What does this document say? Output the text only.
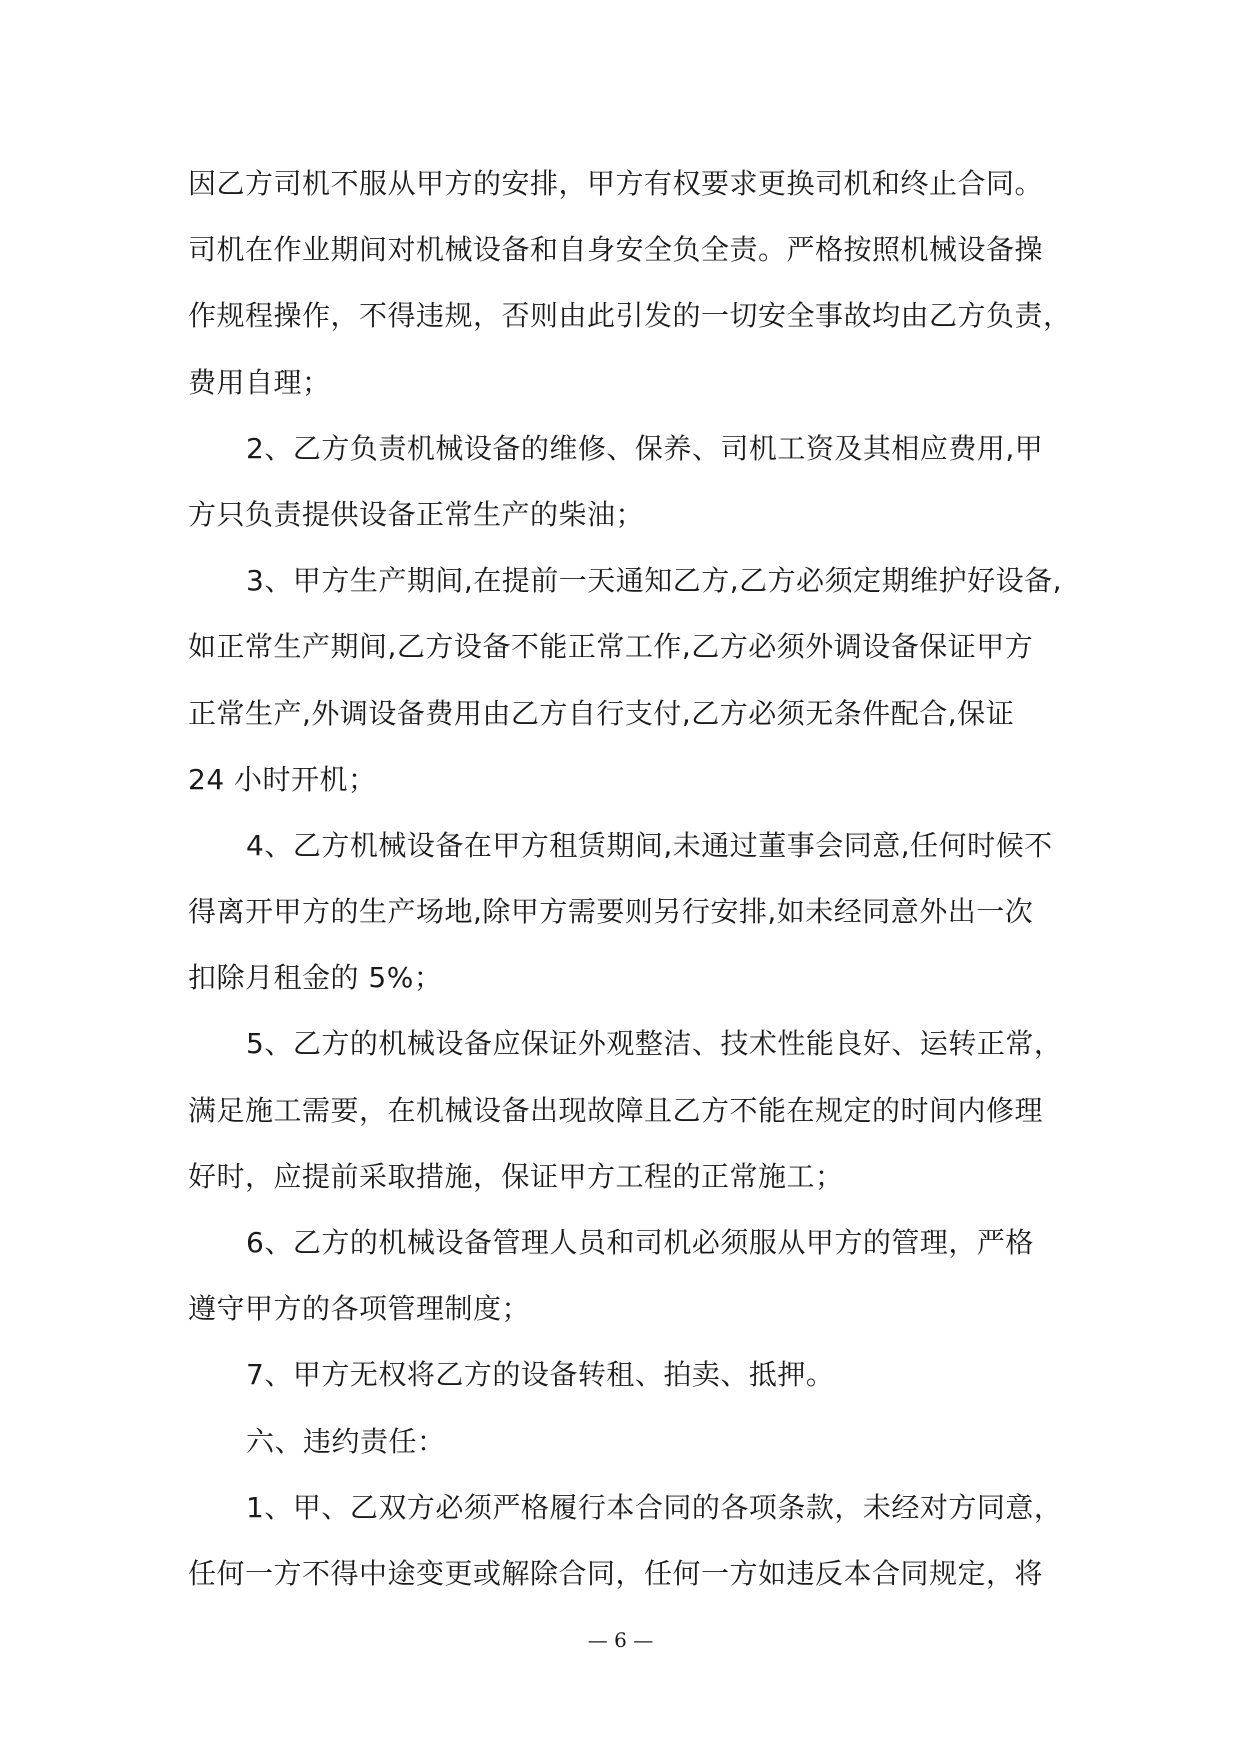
因乙方司机不服从甲方的安排，甲方有权要求更换司机和终止合同。
司机在作业期间对机械设备和自身安全负全责。严格按照机械设备操
作规程操作，不得违规，否则由此引发的一切安全事故均由乙方负责，
费用自理；
2、乙方负责机械设备的维修、保养、司机工资及其相应费用,甲
方只负责提供设备正常生产的柴油；
3、甲方生产期间,在提前一天通知乙方,乙方必须定期维护好设备,
如正常生产期间,乙方设备不能正常工作,乙方必须外调设备保证甲方
正常生产,外调设备费用由乙方自行支付,乙方必须无条件配合,保证
24 小时开机；
4、乙方机械设备在甲方租赁期间,未通过董事会同意,任何时候不
得离开甲方的生产场地,除甲方需要则另行安排,如未经同意外出一次
扣除月租金的 5%；
5、乙方的机械设备应保证外观整洁、技术性能良好、运转正常，
满足施工需要，在机械设备出现故障且乙方不能在规定的时间内修理
好时，应提前采取措施，保证甲方工程的正常施工；
6、乙方的机械设备管理人员和司机必须服从甲方的管理，严格
遵守甲方的各项管理制度；
7、甲方无权将乙方的设备转租、拍卖、抵押。
六、违约责任：
1、甲、乙双方必须严格履行本合同的各项条款，未经对方同意，
任何一方不得中途变更或解除合同，任何一方如违反本合同规定，将
— 6 —
